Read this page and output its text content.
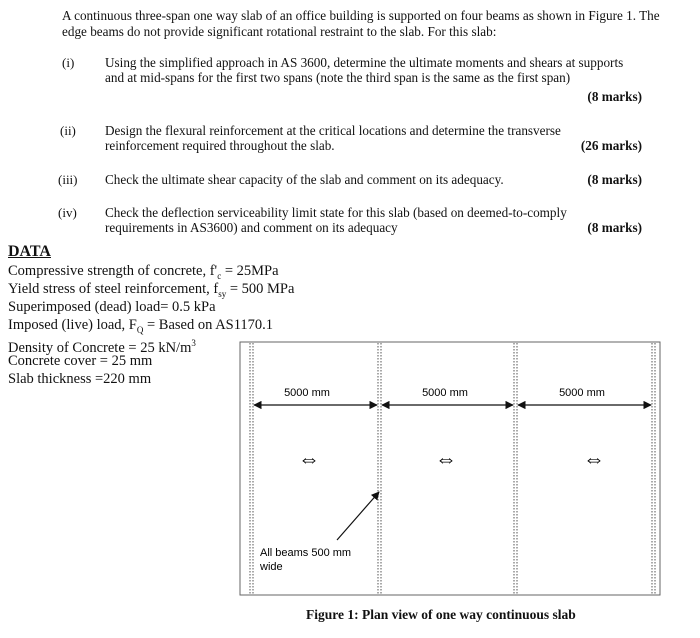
A continuous three-span one way slab of an office building is supported on four beams as shown in Figure 1. The edge beams do not provide significant rotational restraint to the slab. For this slab:
(i) Using the simplified approach in AS 3600, determine the ultimate moments and shears at supports and at mid-spans for the first two spans (note the third span is the same as the first span)
(8 marks)
(ii) Design the flexural reinforcement at the critical locations and determine the transverse reinforcement required throughout the slab.	(26 marks)
(iii) Check the ultimate shear capacity of the slab and comment on its adequacy.	(8 marks)
(iv) Check the deflection serviceability limit state for this slab (based on deemed-to-comply requirements in AS3600) and comment on its adequacy	(8 marks)
DATA
Compressive strength of concrete, $f'_c = 25MPa$
Yield stress of steel reinforcement, $f_{sy} = 500$ MPa
Superimposed (dead) load= 0.5 kPa
Imposed (live) load, $F_Q$ = Based on AS1170.1
Density of Concrete = 25 $kN/m^3$
Concrete cover = 25 mm
Slab thickness =220 mm
5000 mm	5000 mm	5000 mm
⇔	⇔	⇔
All beams 500 mm
wide
Figure 1: Plan view of one way continuous slab
